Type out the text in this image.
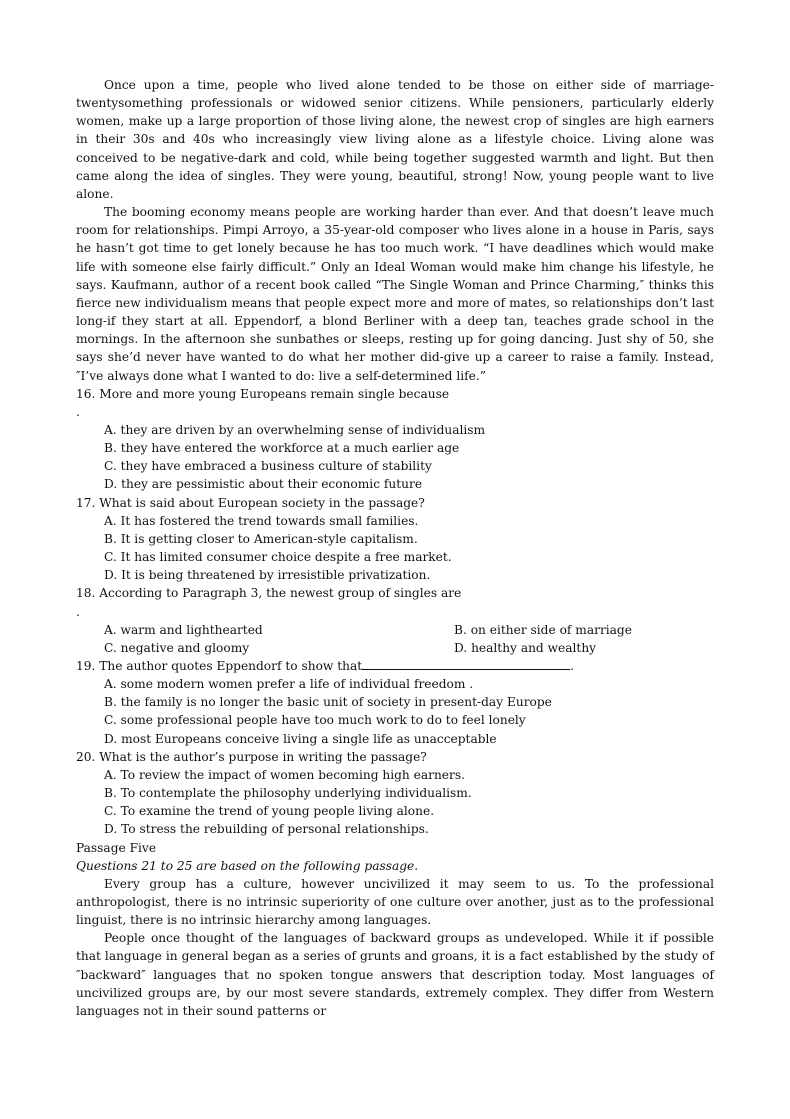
Once upon a time, people who lived alone tended to be those on either side of marriage-twentysomething professionals or widowed senior citizens. While pensioners, particularly elderly women, make up a large proportion of those living alone, the newest crop of singles are high earners in their 30s and 40s who increasingly view living alone as a lifestyle choice. Living alone was conceived to be negative-dark and cold, while being together suggested warmth and light. But then came along the idea of singles. They were young, beautiful, strong! Now, young people want to live alone.

The booming economy means people are working harder than ever. And that doesn’t leave much room for relationships. Pimpi Arroyo, a 35-year-old composer who lives alone in a house in Paris, says he hasn’t got time to get lonely because he has too much work. “I have deadlines which would make life with someone else fairly difficult.” Only an Ideal Woman would make him change his lifestyle, he says. Kaufmann, author of a recent book called “The Single Woman and Prince Charming,″ thinks this fierce new individualism means that people expect more and more of mates, so relationships don’t last long-if they start at all. Eppendorf, a blond Berliner with a deep tan, teaches grade school in the mornings. In the afternoon she sunbathes or sleeps, resting up for going dancing. Just shy of 50, she says she’d never have wanted to do what her mother did-give up a career to raise a family. Instead, ″I’ve always done what I wanted to do: live a self-determined life.”

16. More and more young Europeans remain single because

.

A. they are driven by an overwhelming sense of individualism

B. they have entered the workforce at a much earlier age

C. they have embraced a business culture of stability

D. they are pessimistic about their economic future

17. What is said about European society in the passage?

A. It has fostered the trend towards small families.

B. It is getting closer to American-style capitalism.

C. It has limited consumer choice despite a free market.

D. It is being threatened by irresistible privatization.

18. According to Paragraph 3, the newest group of singles are

.

A. warm and lighthearted	B. on either side of marriage
C. negative and gloomy	D. healthy and wealthy

19. The author quotes Eppendorf to show that	.

A. some modern women prefer a life of individual freedom .

B. the family is no longer the basic unit of society in present-day Europe

C. some professional people have too much work to do to feel lonely

D. most Europeans conceive living a single life as unacceptable

20. What is the author’s purpose in writing the passage?

A. To review the impact of women becoming high earners.

B. To contemplate the philosophy underlying individualism.

C. To examine the trend of young people living alone.

D. To stress the rebuilding of personal relationships.

Passage Five

Questions 21 to 25 are based on the following passage.

Every group has a culture, however uncivilized it may seem to us. To the professional anthropologist, there is no intrinsic superiority of one culture over another, just as to the professional linguist, there is no intrinsic hierarchy among languages.

People once thought of the languages of backward groups as undeveloped. While it if possible that language in general began as a series of grunts and groans, it is a fact established by the study of ″backward″ languages that no spoken tongue answers that description today. Most languages of uncivilized groups are, by our most severe standards, extremely complex. They differ from Western languages not in their sound patterns or
